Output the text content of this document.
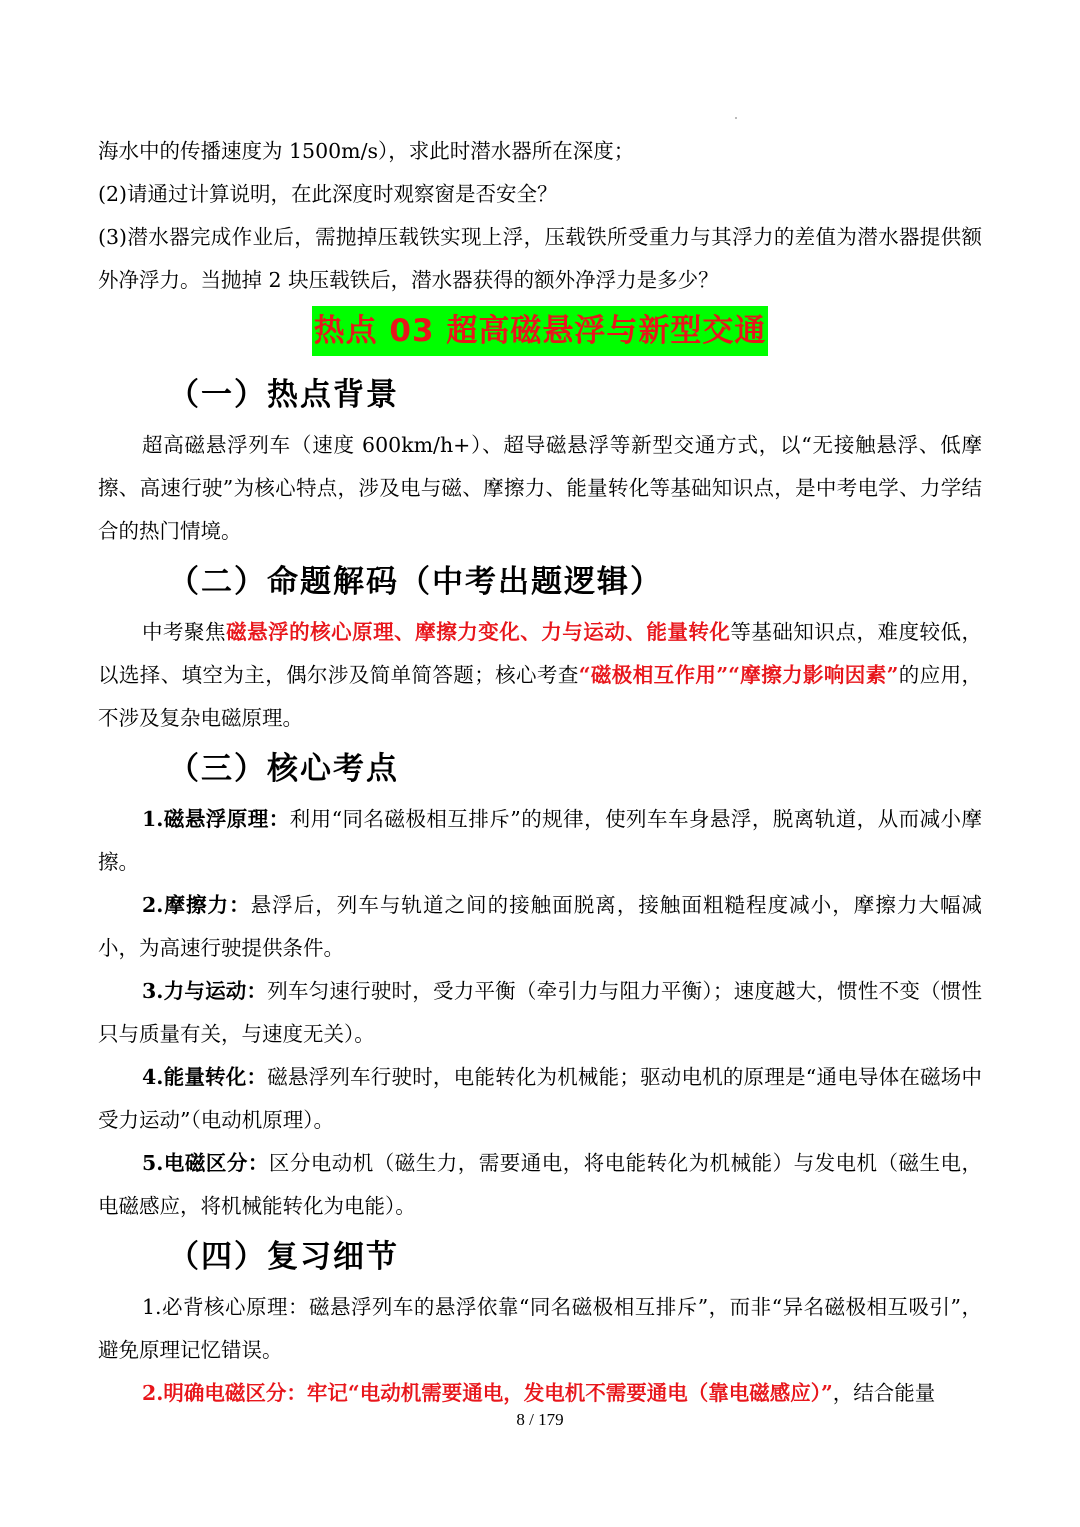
海水中的传播速度为 1500m/s），求此时潜水器所在深度；

(2)请通过计算说明，在此深度时观察窗是否安全？

(3)潜水器完成作业后，需抛掉压载铁实现上浮，压载铁所受重力与其浮力的差值为潜水器提供额外净浮力。当抛掉 2 块压载铁后，潜水器获得的额外净浮力是多少？

热点 03 超高磁悬浮与新型交通
（一）热点背景

超高磁悬浮列车（速度 600km/h+）、超导磁悬浮等新型交通方式，以“无接触悬浮、低摩擦、高速行驶”为核心特点，涉及电与磁、摩擦力、能量转化等基础知识点，是中考电学、力学结合的热门情境。

（二）命题解码（中考出题逻辑）

中考聚焦磁悬浮的核心原理、摩擦力变化、力与运动、能量转化等基础知识点，难度较低，以选择、填空为主，偶尔涉及简单简答题；核心考查“磁极相互作用”“摩擦力影响因素”的应用，不涉及复杂电磁原理。

（三）核心考点

1.磁悬浮原理：利用“同名磁极相互排斥”的规律，使列车车身悬浮，脱离轨道，从而减小摩擦。

2.摩擦力：悬浮后，列车与轨道之间的接触面脱离，接触面粗糙程度减小，摩擦力大幅减小，为高速行驶提供条件。

3.力与运动：列车匀速行驶时，受力平衡（牵引力与阻力平衡）；速度越大，惯性不变（惯性只与质量有关，与速度无关）。

4.能量转化：磁悬浮列车行驶时，电能转化为机械能；驱动电机的原理是“通电导体在磁场中受力运动”（电动机原理）。

5.电磁区分：区分电动机（磁生力，需要通电，将电能转化为机械能）与发电机（磁生电，电磁感应，将机械能转化为电能）。

（四）复习细节

1.必背核心原理：磁悬浮列车的悬浮依靠“同名磁极相互排斥”，而非“异名磁极相互吸引”，避免原理记忆错误。

2.明确电磁区分：牢记“电动机需要通电，发电机不需要通电（靠电磁感应）”，结合能量

8 / 179
